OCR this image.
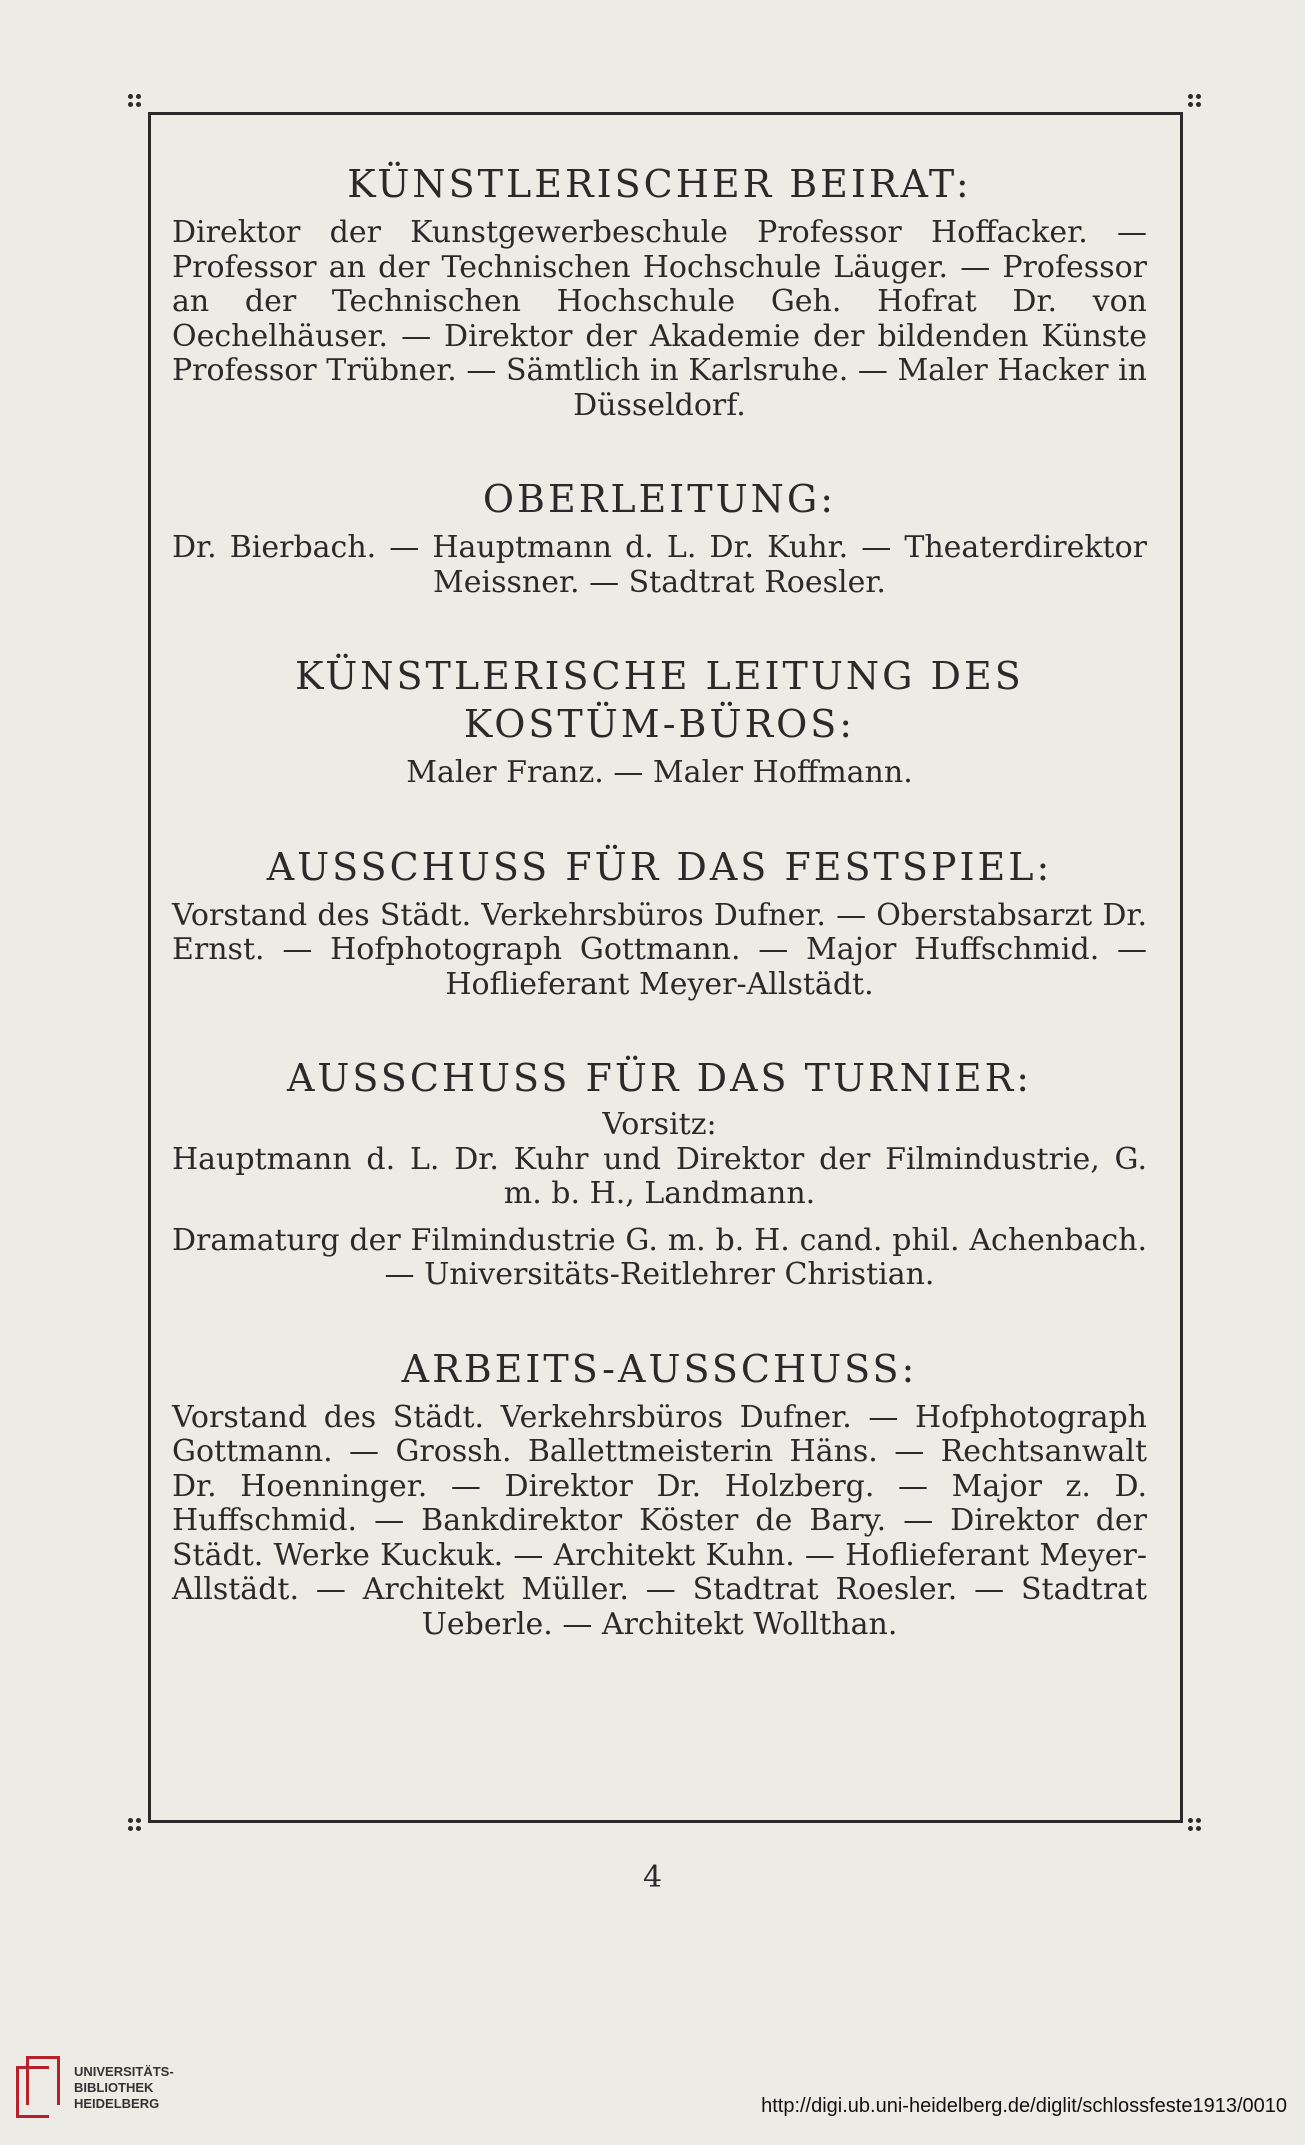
KÜNSTLERISCHER BEIRAT:

Direktor der Kunstgewerbeschule Professor Hoffacker. — Professor an der Technischen Hochschule Läuger. — Professor an der Technischen Hochschule Geh. Hofrat Dr. von Oechelhäuser. — Direktor der Akademie der bildenden Künste Professor Trübner. — Sämtlich in Karlsruhe. — Maler Hacker in Düsseldorf.

OBERLEITUNG:

Dr. Bierbach. — Hauptmann d. L. Dr. Kuhr. — Theaterdirektor Meissner. — Stadtrat Roesler.

KÜNSTLERISCHE LEITUNG DES KOSTÜM-BÜROS:

Maler Franz. — Maler Hoffmann.

AUSSCHUSS FÜR DAS FESTSPIEL:

Vorstand des Städt. Verkehrsbüros Dufner. — Oberstabsarzt Dr. Ernst. — Hofphotograph Gottmann. — Major Huffschmid. — Hoflieferant Meyer-Allstädt.

AUSSCHUSS FÜR DAS TURNIER:

Vorsitz:

Hauptmann d. L. Dr. Kuhr und Direktor der Filmindustrie, G. m. b. H., Landmann.

Dramaturg der Filmindustrie G. m. b. H. cand. phil. Achenbach. — Universitäts-Reitlehrer Christian.

ARBEITS-AUSSCHUSS:

Vorstand des Städt. Verkehrsbüros Dufner. — Hofphotograph Gottmann. — Grossh. Ballettmeisterin Häns. — Rechtsanwalt Dr. Hoenninger. — Direktor Dr. Holzberg. — Major z. D. Huffschmid. — Bankdirektor Köster de Bary. — Direktor der Städt. Werke Kuckuk. — Architekt Kuhn. — Hoflieferant Meyer-Allstädt. — Architekt Müller. — Stadtrat Roesler. — Stadtrat Ueberle. — Architekt Wollthan.

4
UNIVERSITÄTS-
BIBLIOTHEK
HEIDELBERG	http://digi.ub.uni-heidelberg.de/diglit/schlossfeste1913/0010
